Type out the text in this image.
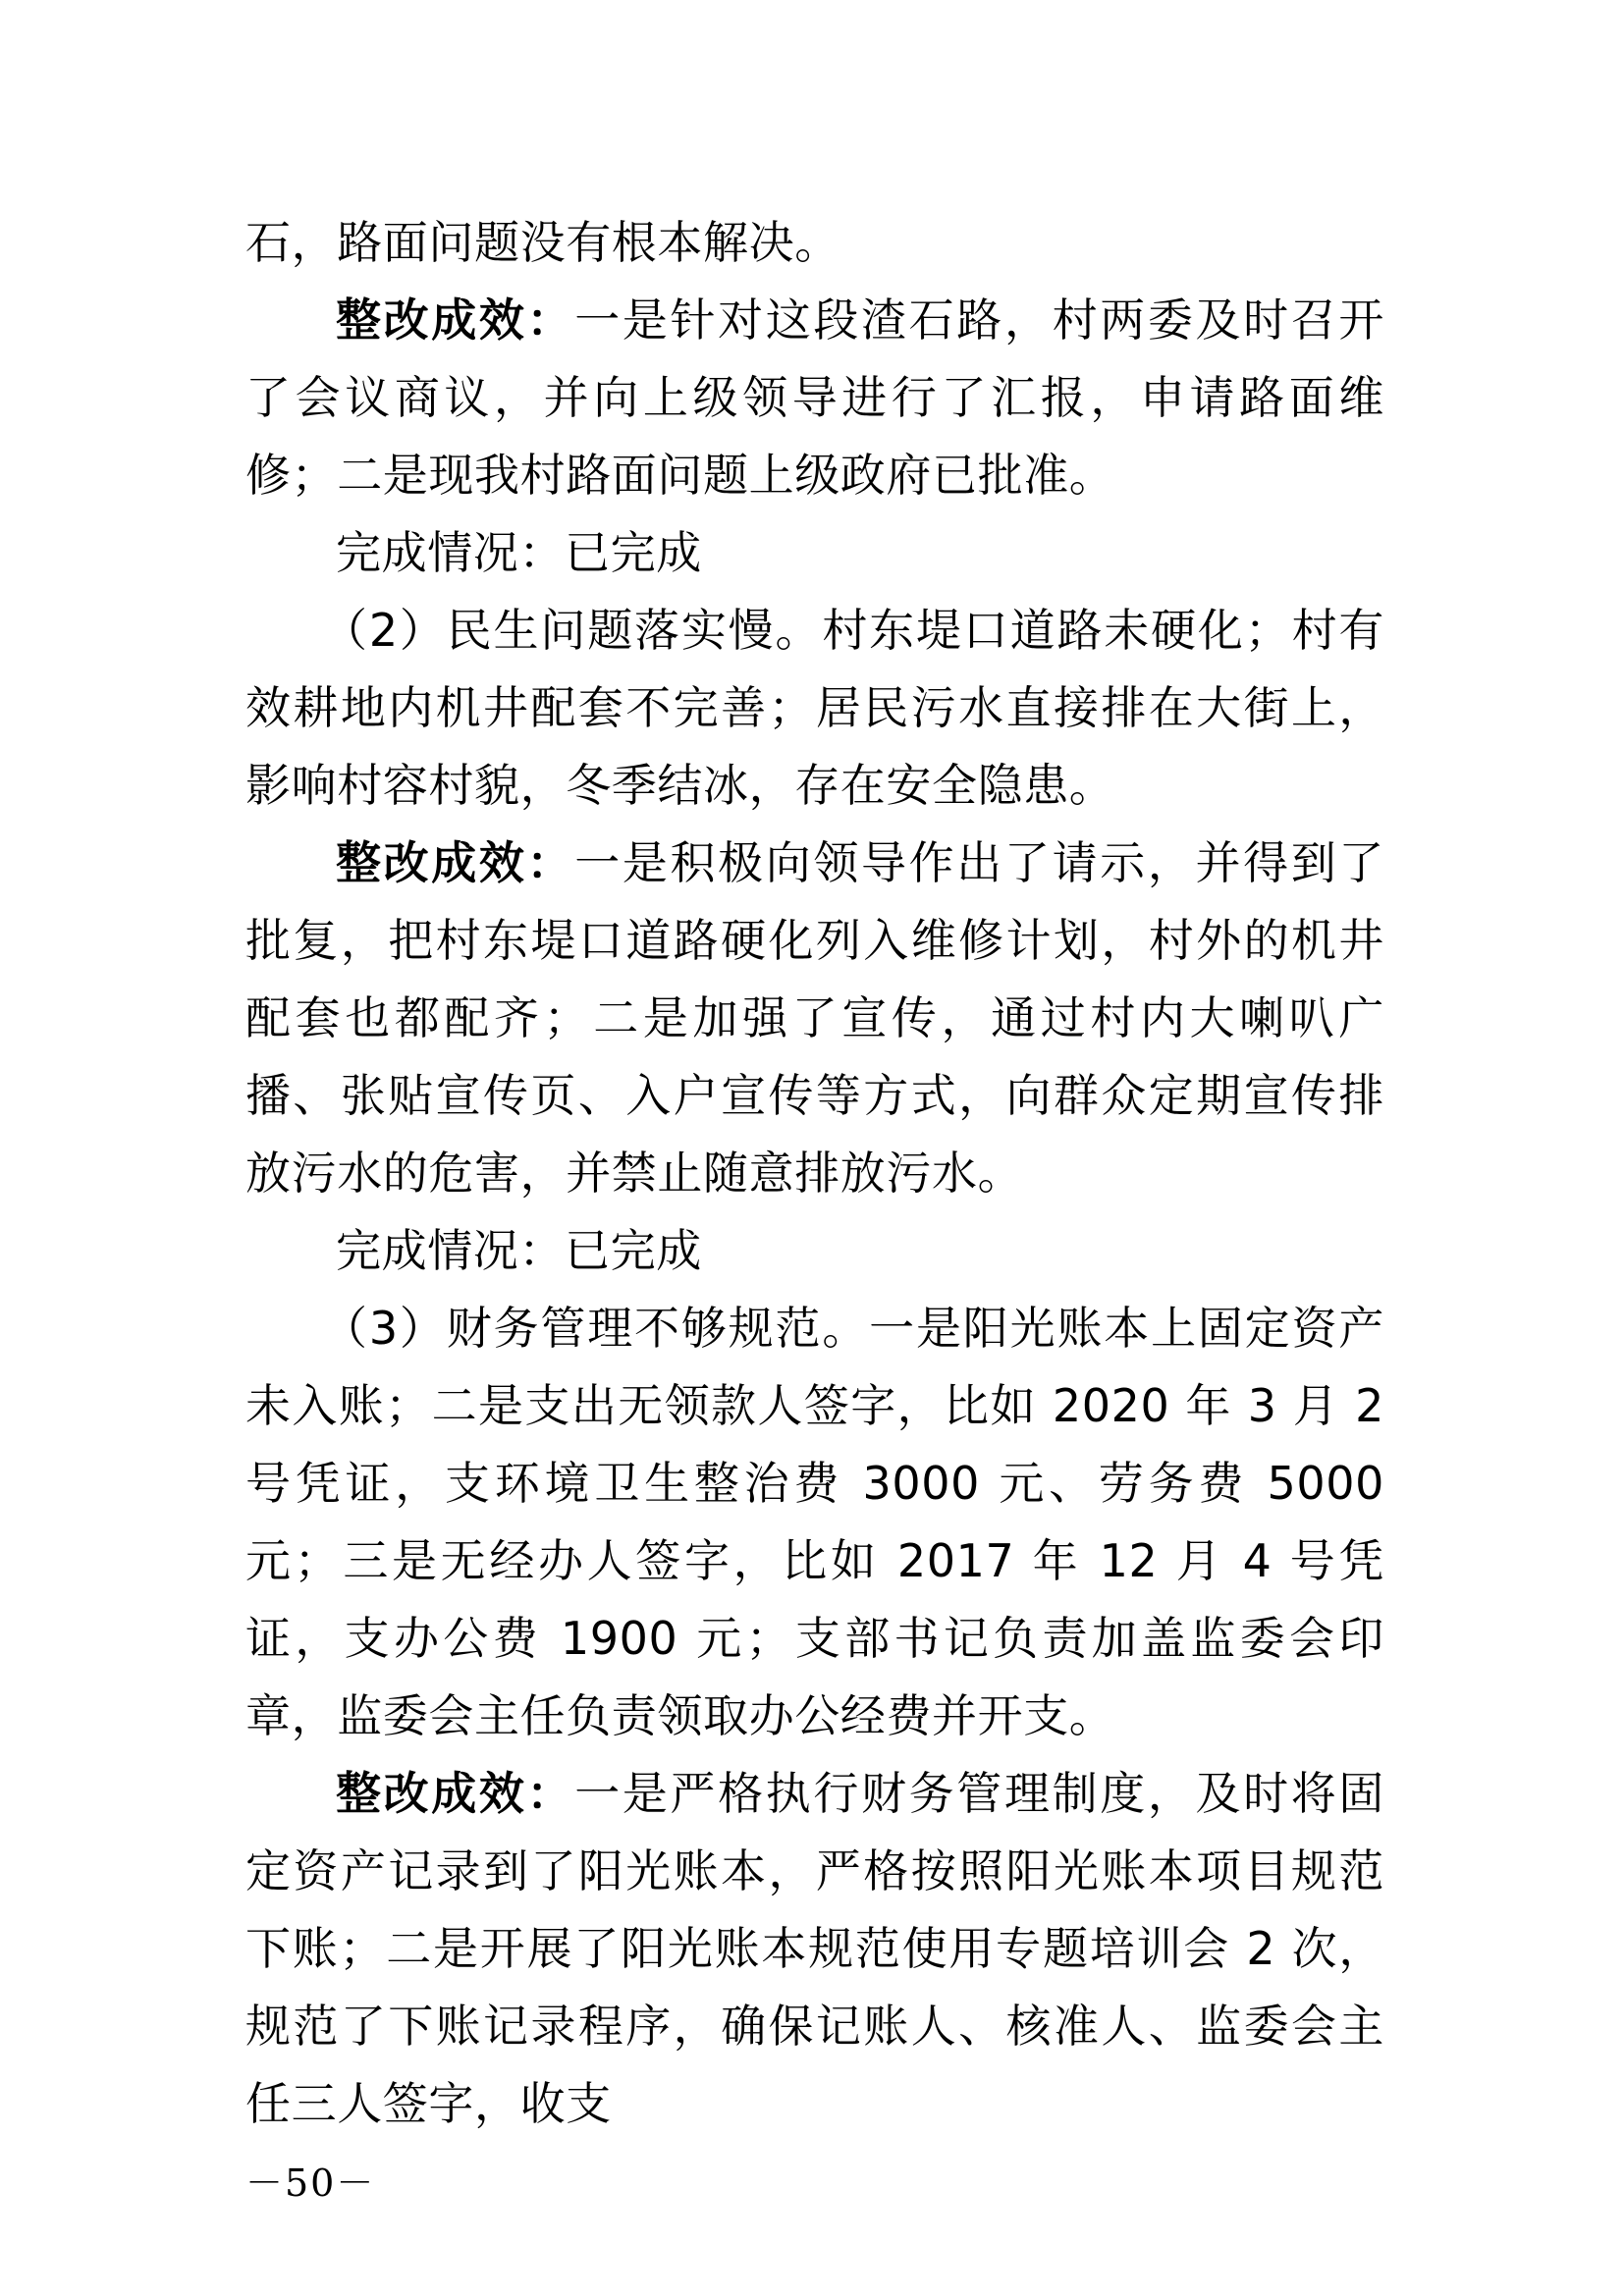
石，路面问题没有根本解决。

整改成效：一是针对这段渣石路，村两委及时召开了会议商议，并向上级领导进行了汇报，申请路面维修；二是现我村路面问题上级政府已批准。

完成情况：已完成

（2）民生问题落实慢。村东堤口道路未硬化；村有效耕地内机井配套不完善；居民污水直接排在大街上，影响村容村貌，冬季结冰，存在安全隐患。

整改成效：一是积极向领导作出了请示，并得到了批复，把村东堤口道路硬化列入维修计划，村外的机井配套也都配齐；二是加强了宣传，通过村内大喇叭广播、张贴宣传页、入户宣传等方式，向群众定期宣传排放污水的危害，并禁止随意排放污水。

完成情况：已完成

（3）财务管理不够规范。一是阳光账本上固定资产未入账；二是支出无领款人签字，比如 2020 年 3 月 2 号凭证，支环境卫生整治费 3000 元、劳务费 5000 元；三是无经办人签字，比如 2017 年 12 月 4 号凭证，支办公费 1900 元；支部书记负责加盖监委会印章，监委会主任负责领取办公经费并开支。

整改成效：一是严格执行财务管理制度，及时将固定资产记录到了阳光账本，严格按照阳光账本项目规范下账；二是开展了阳光账本规范使用专题培训会 2 次，规范了下账记录程序，确保记账人、核准人、监委会主任三人签字，收支

－50－
